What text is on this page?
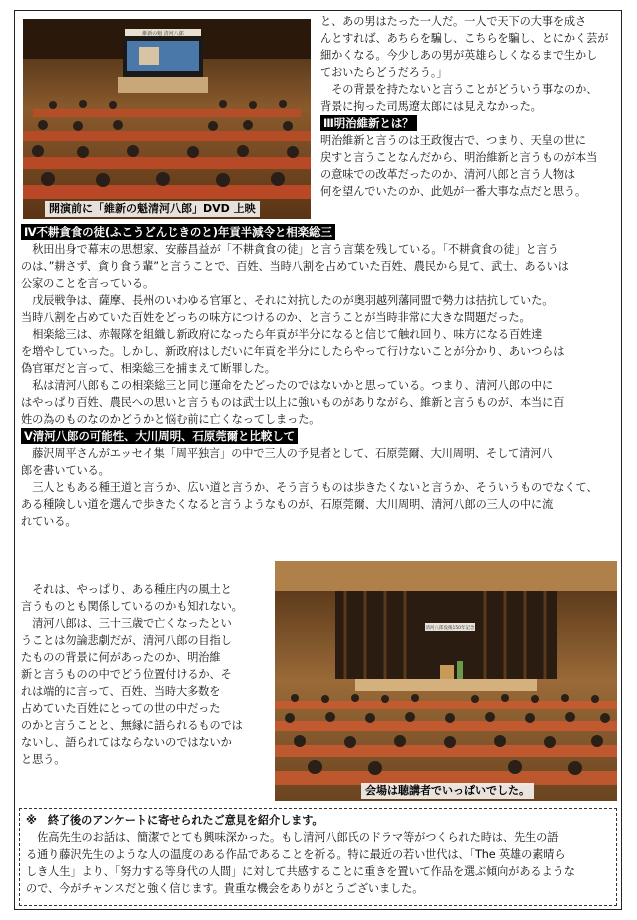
維新の魁 清河八郎
開演前に「維新の魁清河八郎」DVD 上映

と、あの男はたった一人だ。一人で天下の大事を成さ

んとすれば、あちらを騙し、こちらを騙し、とにかく芸が

細かくなる。今少しあの男が英雄らしくなるまで生かし

ておいたらどうだろう。」

その背景を持たないと言うことがどういう事なのか、

背景に拘った司馬遼太郎には見えなかった。

Ⅲ明治維新とは？

明治維新と言うのは王政復古で、つまり、天皇の世に

戻すと言うことなんだから、明治維新と言うものが本当

の意味での改革だったのか、清河八郎と言う人物は

何を望んでいたのか、此処が一番大事な点だと思う。

Ⅳ不耕貪食の徒(ふこうどんじきのと)年貢半減令と相楽総三

秋田出身で幕末の思想家、安藤昌益が「不耕貪食の徒」と言う言葉を残している。「不耕貪食の徒」と言う

のは、”耕さず、貪り食う輩”と言うことで、百姓、当時八割を占めていた百姓、農民から見て、武士、あるいは

公家のことを言っている。

戊辰戦争は、薩摩、長州のいわゆる官軍と、それに対抗したのが奥羽越列藩同盟で勢力は拮抗していた。

当時八割を占めていた百姓をどっちの味方につけるのか、と言うことが当時非常に大きな問題だった。

相楽総三は、赤報隊を組織し新政府になったら年貢が半分になると信じて触れ回り、味方になる百姓達

を増やしていった。しかし、新政府はしだいに年貢を半分にしたらやって行けないことが分かり、あいつらは

偽官軍だと言って、相楽総三を捕まえて断罪した。

私は清河八郎もこの相楽総三と同じ運命をたどったのではないかと思っている。つまり、清河八郎の中に

はやっぱり百姓、農民への思いと言うものは武士以上に強いものがありながら、維新と言うものが、本当に百

姓の為のものなのかどうかと悩む前に亡くなってしまった。

Ⅴ清河八郎の可能性、大川周明、石原莞爾と比較して

藤沢周平さんがエッセイ集「周平独言」の中で三人の予見者として、石原莞爾、大川周明、そして清河八

郎を書いている。

三人ともある種王道と言うか、広い道と言うか、そう言うものは歩きたくないと言うか、そういうものでなくて、

ある種険しい道を選んで歩きたくなると言うようなものが、石原莞爾、大川周明、清河八郎の三人の中に流

れている。

それは、やっぱり、ある種庄内の風土と

言うものとも関係しているのかも知れない。

清河八郎は、三十三歳で亡くなったとい

うことは勿論悲劇だが、清河八郎の目指し

たものの背景に何があったのか、明治維

新と言うものの中でどう位置付けるか、そ

れは端的に言って、百姓、当時大多数を

占めていた百姓にとっての世の中だった

のかと言うことと、無縁に語られるものでは

ないし、語られてはならないのではないか

と思う。

清河八郎没後150年記念
会場は聴講者でいっぱいでした。

※　終了後のアンケートに寄せられたご意見を紹介します。

佐高先生のお話は、簡潔でとても興味深かった。もし清河八郎氏のドラマ等がつくられた時は、先生の語

る通り藤沢先生のような人の温度のある作品であることを祈る。特に最近の若い世代は、「The 英雄の素晴ら

しき人生」より、「努力する等身代の人間」に対して共感することに重きを置いて作品を選ぶ傾向があるような

ので、今がチャンスだと強く信じます。貴重な機会をありがとうございました。
